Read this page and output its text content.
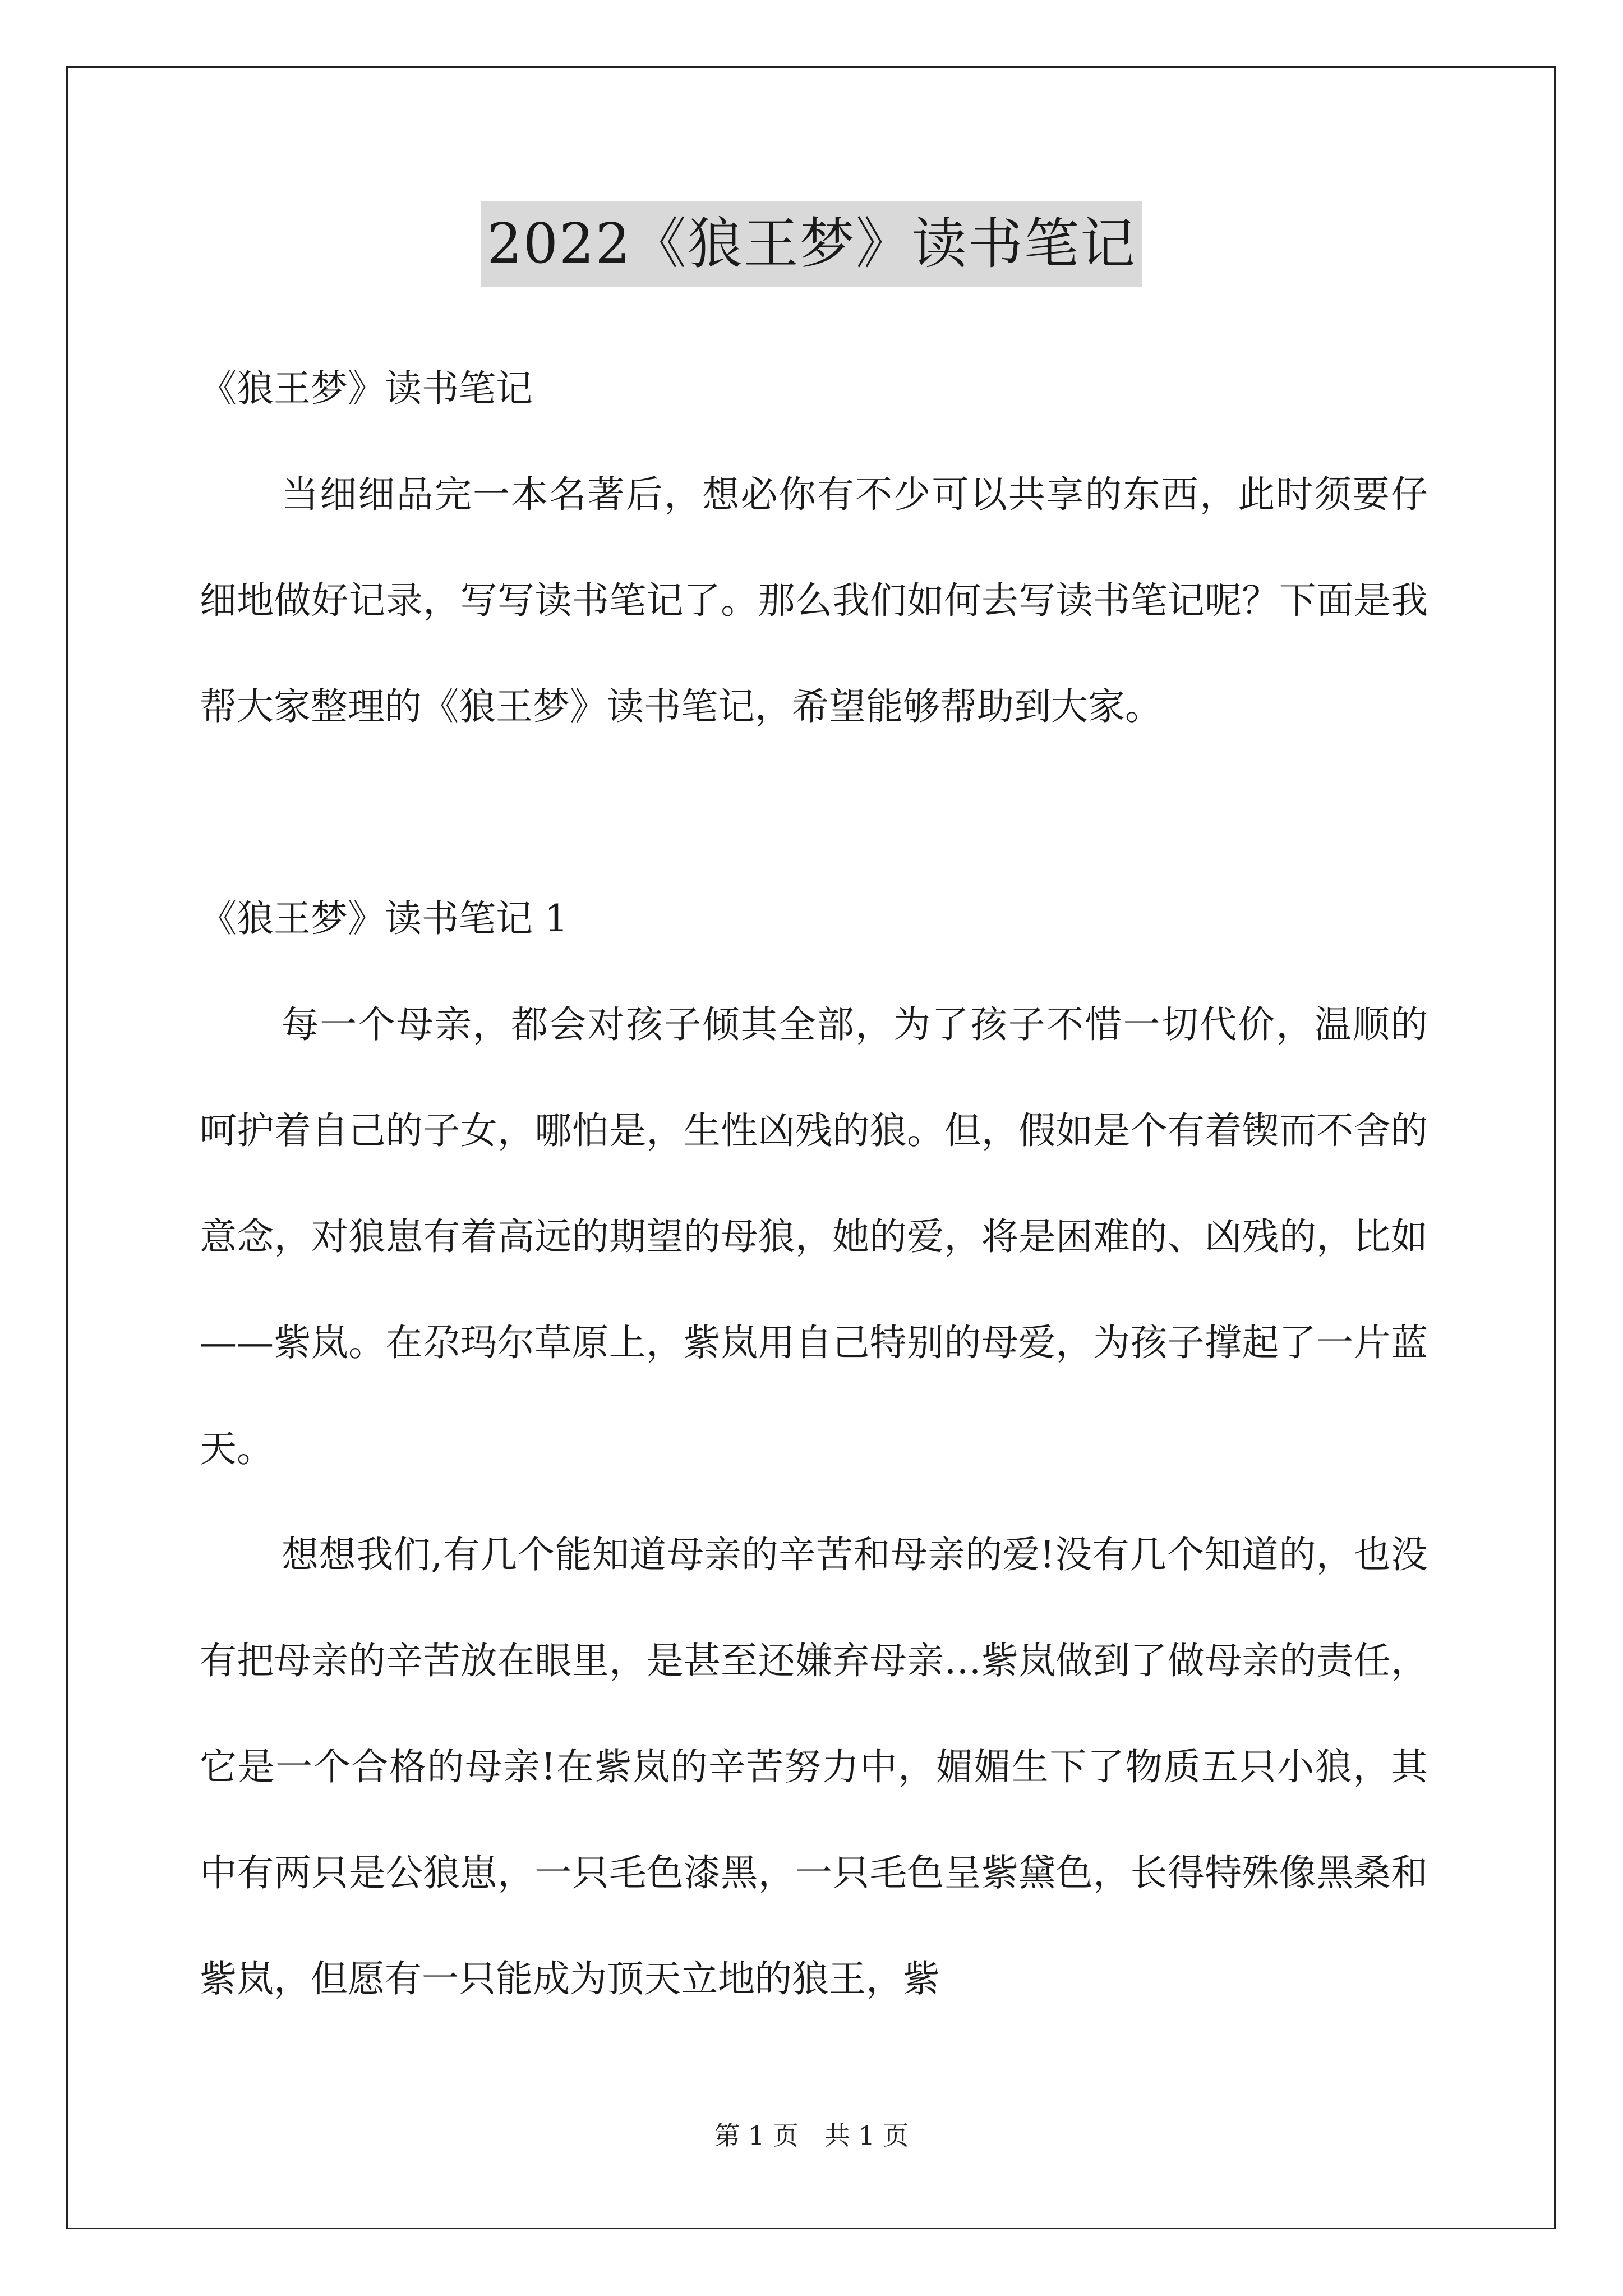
2022《狼王梦》读书笔记

《狼王梦》读书笔记

当细细品完一本名著后，想必你有不少可以共享的东西，此时须要仔细地做好记录，写写读书笔记了。那么我们如何去写读书笔记呢？下面是我帮大家整理的《狼王梦》读书笔记，希望能够帮助到大家。

《狼王梦》读书笔记 1

每一个母亲，都会对孩子倾其全部，为了孩子不惜一切代价，温顺的呵护着自己的子女，哪怕是，生性凶残的狼。但，假如是个有着锲而不舍的意念，对狼崽有着高远的期望的母狼，她的爱，将是困难的、凶残的，比如——紫岚。在尕玛尔草原上，紫岚用自己特别的母爱，为孩子撑起了一片蓝天。

想想我们,有几个能知道母亲的辛苦和母亲的爱!没有几个知道的，也没有把母亲的辛苦放在眼里，是甚至还嫌弃母亲…紫岚做到了做母亲的责任，它是一个合格的母亲!在紫岚的辛苦努力中，媚媚生下了物质五只小狼，其中有两只是公狼崽，一只毛色漆黑，一只毛色呈紫黛色，长得特殊像黑桑和紫岚，但愿有一只能成为顶天立地的狼王，紫

第 1 页　共 1 页
